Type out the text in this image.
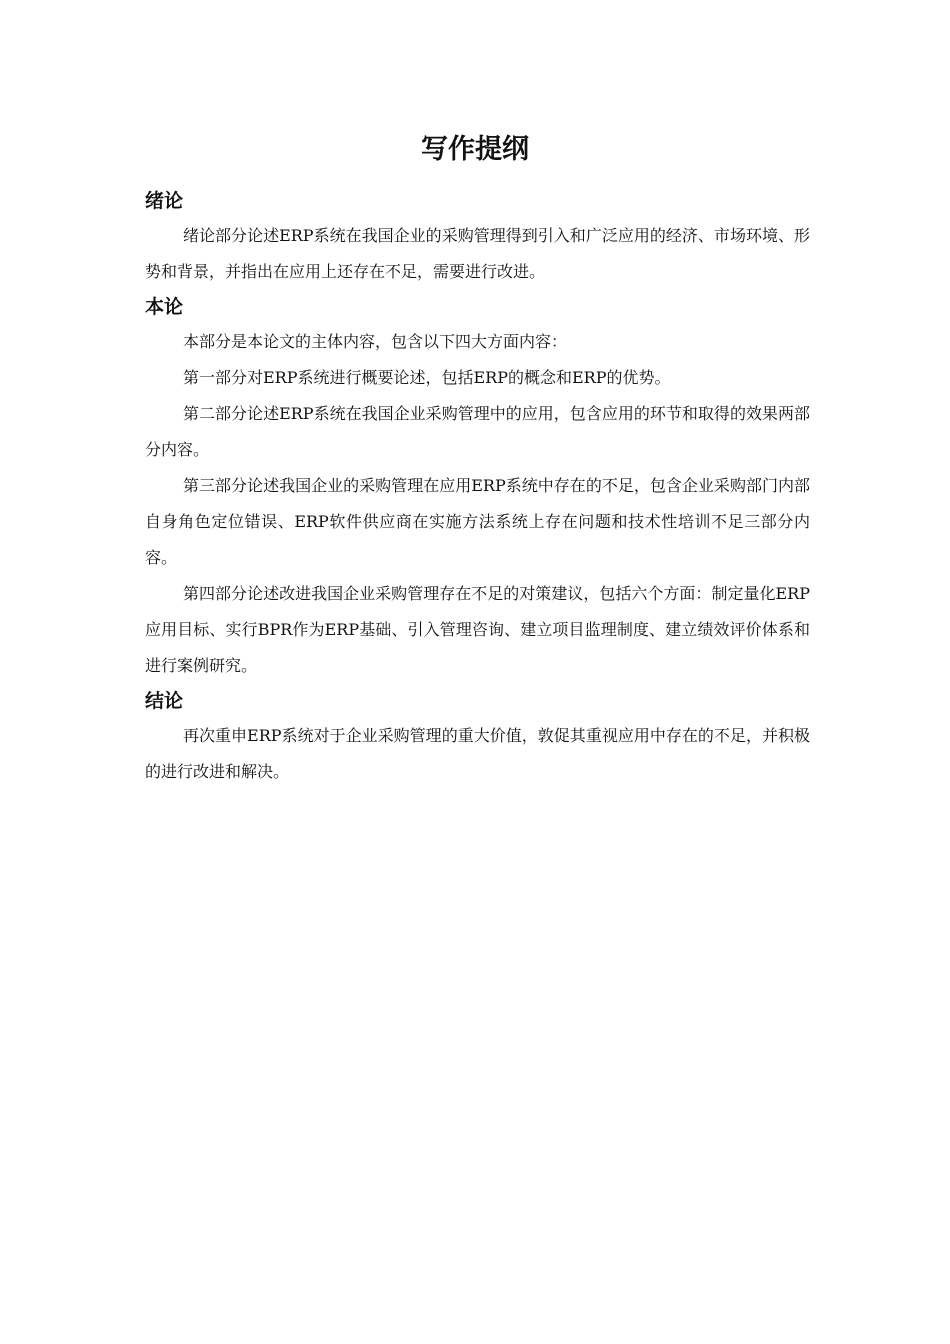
写作提纲
绪论

绪论部分论述ERP系统在我国企业的采购管理得到引入和广泛应用的经济、市场环境、形势和背景，并指出在应用上还存在不足，需要进行改进。

本论

本部分是本论文的主体内容，包含以下四大方面内容：

第一部分对ERP系统进行概要论述，包括ERP的概念和ERP的优势。

第二部分论述ERP系统在我国企业采购管理中的应用，包含应用的环节和取得的效果两部分内容。

第三部分论述我国企业的采购管理在应用ERP系统中存在的不足，包含企业采购部门内部自身角色定位错误、ERP软件供应商在实施方法系统上存在问题和技术性培训不足三部分内容。

第四部分论述改进我国企业采购管理存在不足的对策建议，包括六个方面：制定量化ERP应用目标、实行BPR作为ERP基础、引入管理咨询、建立项目监理制度、建立绩效评价体系和进行案例研究。

结论

再次重申ERP系统对于企业采购管理的重大价值，敦促其重视应用中存在的不足，并积极的进行改进和解决。
